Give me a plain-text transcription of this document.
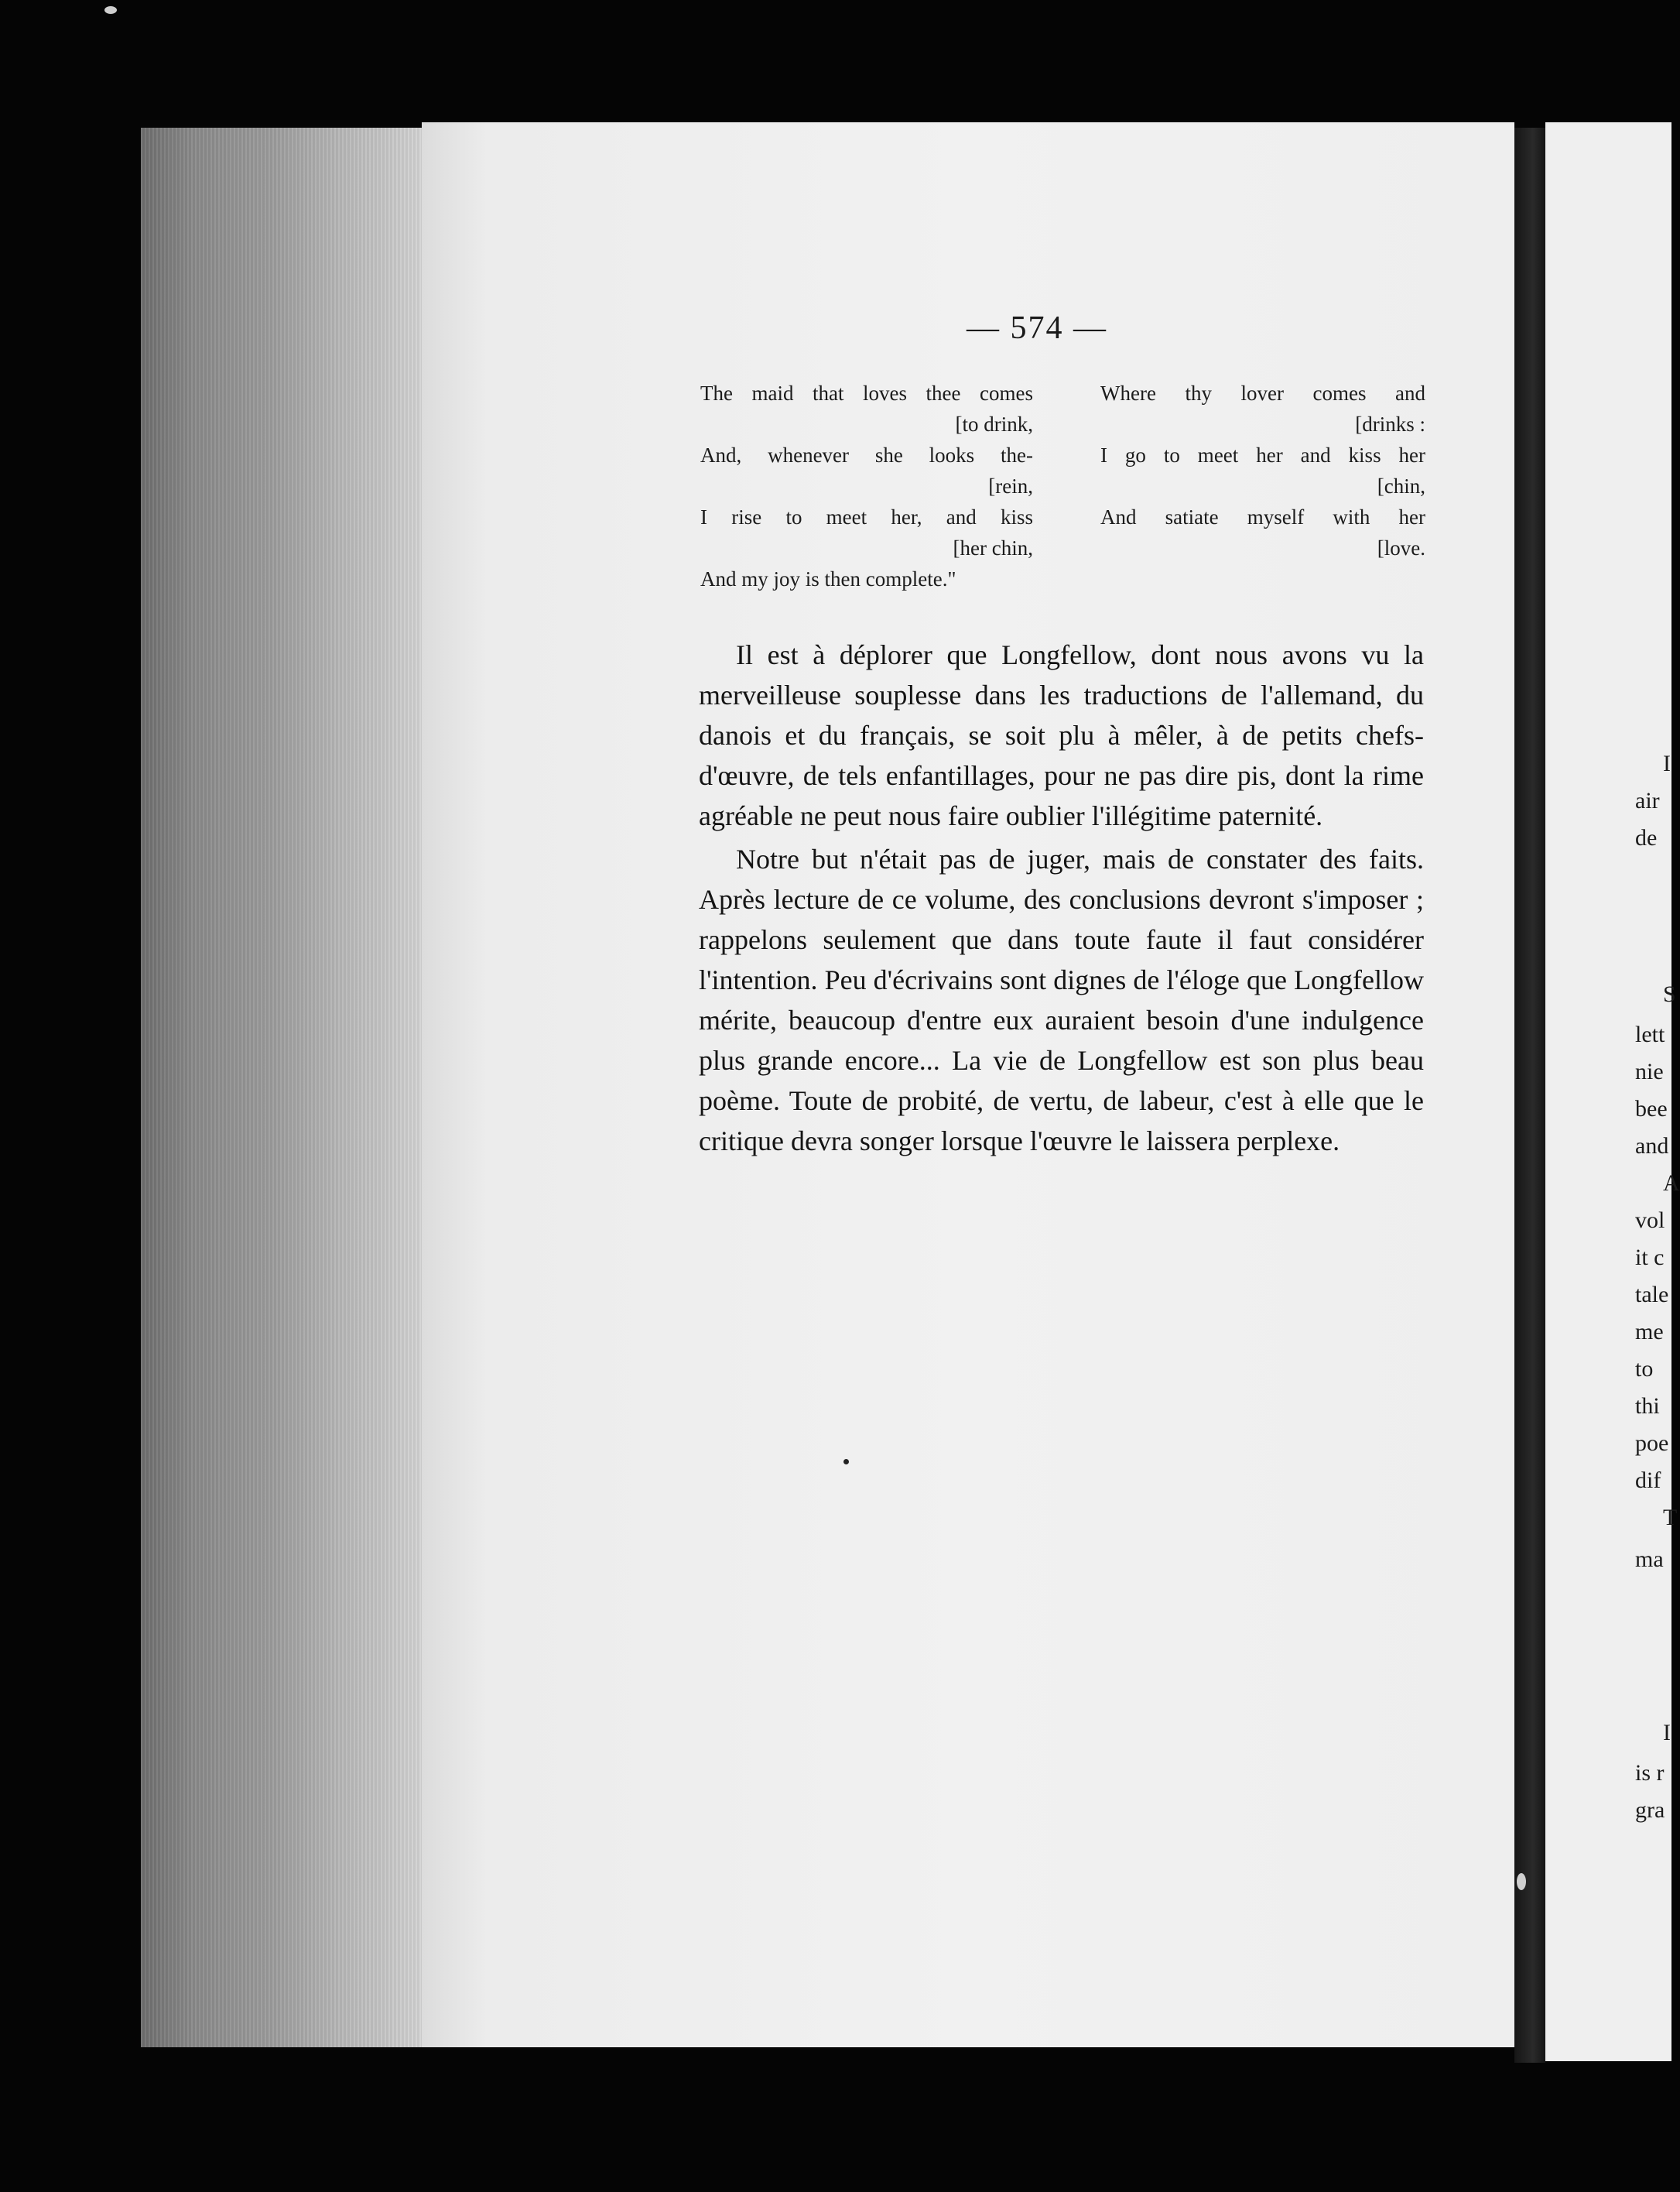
I
air
de
S
lett
nie
bee
and
A
vol
it c
tale
me
to
thi
poe
dif
T
ma
I
is r
gra
— 574 —
The maid that loves thee comes
[to drink,
And, whenever she looks the-
[rein,
I rise to meet her, and kiss
[her chin,
And my joy is then complete."
Where thy lover comes and
[drinks :
I go to meet her and kiss her
[chin,
And satiate myself with her
[love.

Il est à déplorer que Longfellow, dont nous avons vu la merveilleuse souplesse dans les traductions de l'allemand, du danois et du français, se soit plu à mêler, à de petits chefs-d'œuvre, de tels enfantillages, pour ne pas dire pis, dont la rime agréable ne peut nous faire oublier l'illégitime paternité.

Notre but n'était pas de juger, mais de constater des faits. Après lecture de ce volume, des conclusions devront s'imposer ; rappelons seulement que dans toute faute il faut considérer l'intention. Peu d'écrivains sont dignes de l'éloge que Longfellow mérite, beaucoup d'entre eux auraient besoin d'une indulgence plus grande encore... La vie de Longfellow est son plus beau poème. Toute de probité, de vertu, de labeur, c'est à elle que le critique devra songer lorsque l'œuvre le laissera perplexe.
